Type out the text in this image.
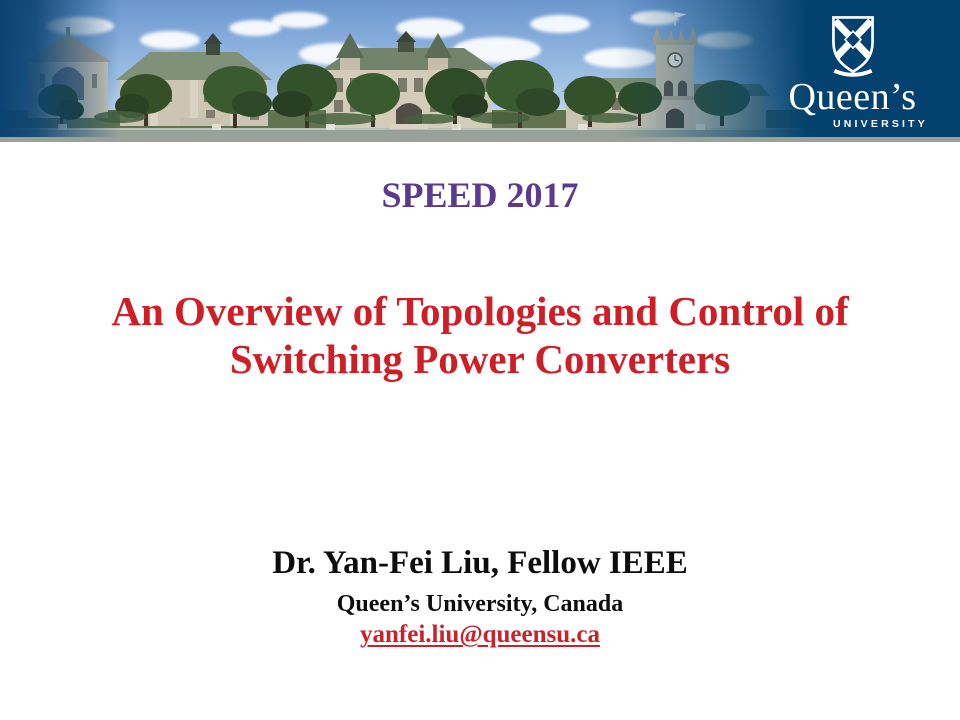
Queen’s
UNIVERSITY
SPEED 2017
An Overview of Topologies and Control of
Switching Power Converters
Dr. Yan-Fei Liu, Fellow IEEE
Queen’s University, Canada
yanfei.liu@queensu.ca
